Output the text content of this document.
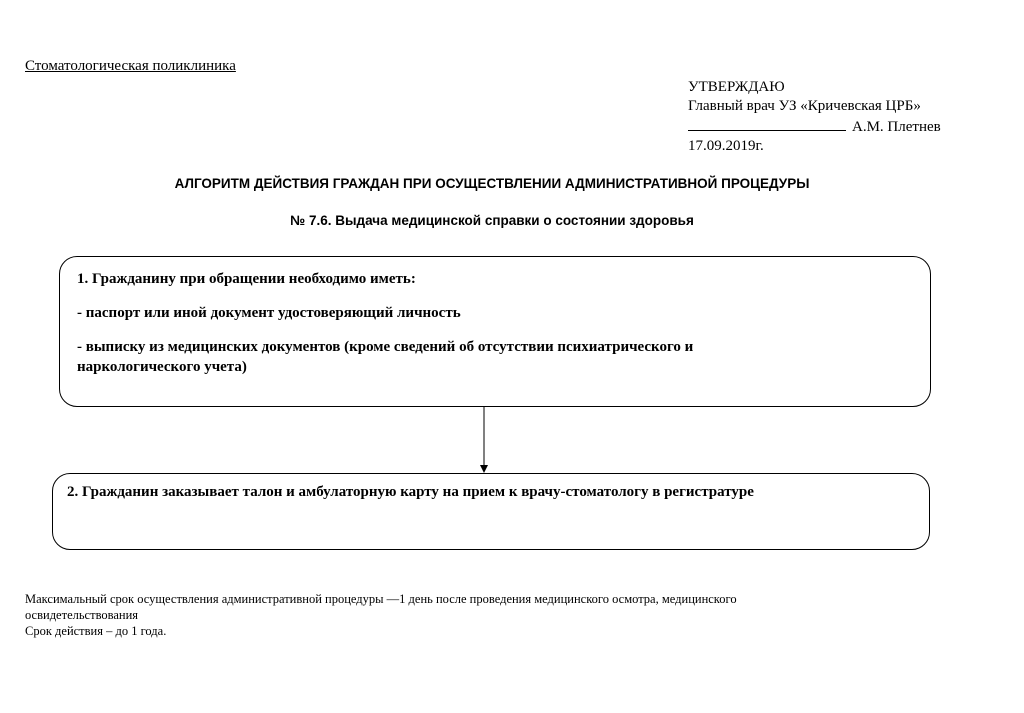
Стоматологическая поликлиника
УТВЕРЖДАЮ
Главный врач УЗ «Кричевская ЦРБ»
А.М. Плетнев
17.09.2019г.
АЛГОРИТМ ДЕЙСТВИЯ ГРАЖДАН ПРИ ОСУЩЕСТВЛЕНИИ АДМИНИСТРАТИВНОЙ ПРОЦЕДУРЫ
№ 7.6. Выдача медицинской справки о состоянии здоровья

1. Гражданину при обращении необходимо иметь:

- паспорт или иной документ удостоверяющий личность

- выписку из медицинских документов (кроме сведений об отсутствии психиатрического и

наркологического учета)

2. Гражданин заказывает талон и амбулаторную карту на прием к врачу-стоматологу в регистратуре
Максимальный срок осуществления административной процедуры —1 день после проведения медицинского осмотра, медицинского
освидетельствования
Срок действия – до 1 года.
